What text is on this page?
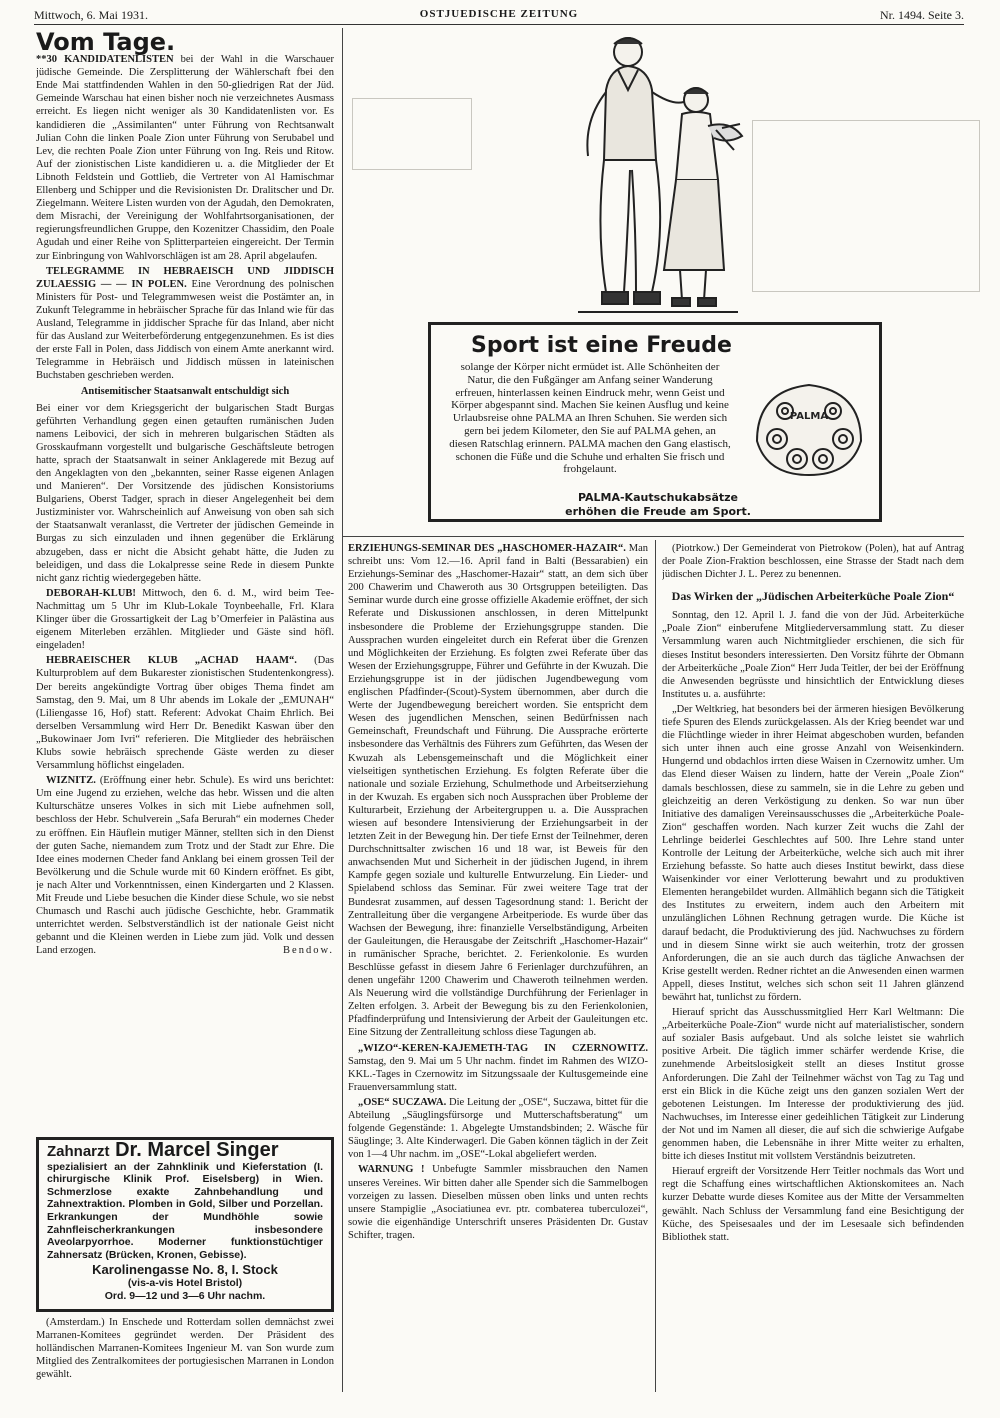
Mittwoch, 6. Mai 1931.	OSTJUEDISCHE ZEITUNG	Nr. 1494. Seite 3.
Vom Tage.

**30 KANDIDATENLISTEN bei der Wahl in die Warschauer jüdische Gemeinde. Die Zersplitterung der Wählerschaft fbei den Ende Mai stattfindenden Wahlen in den 50-gliedrigen Rat der Jüd. Gemeinde Warschau hat einen bisher noch nie verzeichnetes Ausmass erreicht. Es liegen nicht weniger als 30 Kandidatenlisten vor. Es kandidieren die „Assimilanten“ unter Führung von Rechtsanwalt Julian Cohn die linken Poale Zion unter Führung von Serubabel und Lev, die rechten Poale Zion unter Führung von Ing. Reis und Ritow. Auf der zionistischen Liste kandidieren u. a. die Mitglieder der Et Libnoth Feldstein und Gottlieb, die Vertreter von Al Hamischmar Ellenberg und Schipper und die Revisionisten Dr. Dralitscher und Dr. Ziegelmann. Weitere Listen wurden von der Agudah, den Demokraten, dem Misrachi, der Vereinigung der Wohlfahrtsorganisationen, der regierungsfreundlichen Gruppe, den Kozenitzer Chassidim, den Poale Agudah und einer Reihe von Splitterparteien eingereicht. Der Termin zur Einbringung von Wahlvorschlägen ist am 28. April abgelaufen.

TELEGRAMME IN HEBRAEISCH UND JIDDISCH ZULAESSIG — — IN POLEN. Eine Verordnung des polnischen Ministers für Post- und Telegrammwesen weist die Postämter an, in Zukunft Telegramme in hebräischer Sprache für das Inland wie für das Ausland, Telegramme in jiddischer Sprache für das Inland, aber nicht für das Ausland zur Weiterbeförderung entgegenzunehmen. Es ist dies der erste Fall in Polen, dass Jiddisch von einem Amte anerkannt wird. Telegramme in Hebräisch und Jiddisch müssen in lateinischen Buchstaben geschrieben werden.

Antisemitischer Staatsanwalt entschuldigt sich

Bei einer vor dem Kriegsgericht der bulgarischen Stadt Burgas geführten Verhandlung gegen einen getauften rumänischen Juden namens Leibovici, der sich in mehreren bulgarischen Städten als Grosskaufmann vorgestellt und bulgarische Geschäftsleute betrogen hatte, sprach der Staatsanwalt in seiner Anklagerede mit Bezug auf den Angeklagten von den „bekannten, seiner Rasse eigenen Anlagen und Manieren“. Der Vorsitzende des jüdischen Konsistoriums Bulgariens, Oberst Tadger, sprach in dieser Angelegenheit bei dem Justizminister vor. Wahrscheinlich auf Anweisung von oben sah sich der Staatsanwalt veranlasst, die Vertreter der jüdischen Gemeinde in Burgas zu sich einzuladen und ihnen gegenüber die Erklärung abzugeben, dass er nicht die Absicht gehabt hätte, die Juden zu beleidigen, und dass die Lokalpresse seine Rede in diesem Punkte nicht ganz richtig wiedergegeben hätte.

DEBORAH-KLUB! Mittwoch, den 6. d. M., wird beim Tee-Nachmittag um 5 Uhr im Klub-Lokale Toynbeehalle, Frl. Klara Klinger über die Grossartigkeit der Lag b’Omerfeier in Palästina aus eigenem Miterleben erzählen. Mitglieder und Gäste sind höfl. eingeladen!

HEBRAEISCHER KLUB „ACHAD HAAM“. (Das Kulturproblem auf dem Bukarester zionistischen Studentenkongress). Der bereits angekündigte Vortrag über obiges Thema findet am Samstag, den 9. Mai, um 8 Uhr abends im Lokale der „EMUNAH“ (Liliengasse 16, Hof) statt. Referent: Advokat Chaim Ehrlich. Bei derselben Versammlung wird Herr Dr. Benedikt Kaswan über den „Bukowinaer Jom Ivri“ referieren. Die Mitglieder des hebräischen Klubs sowie hebräisch sprechende Gäste werden zu dieser Versammlung höflichst eingeladen.

WIZNITZ. (Eröffnung einer hebr. Schule). Es wird uns berichtet: Um eine Jugend zu erziehen, welche das hebr. Wissen und die alten Kulturschätze unseres Volkes in sich mit Liebe aufnehmen soll, beschloss der Hebr. Schulverein „Safa Berurah“ ein modernes Cheder zu eröffnen. Ein Häuflein mutiger Männer, stellten sich in den Dienst der guten Sache, niemandem zum Trotz und der Stadt zur Ehre. Die Idee eines modernen Cheder fand Anklang bei einem grossen Teil der Bevölkerung und die Schule wurde mit 60 Kindern eröffnet. Es gibt, je nach Alter und Vorkenntnissen, einen Kindergarten und 2 Klassen. Mit Freude und Liebe besuchen die Kinder diese Schule, wo sie nebst Chumasch und Raschi auch jüdische Geschichte, hebr. Grammatik unterrichtet werden. Selbstverständlich ist der nationale Geist nicht gebannt und die Kleinen werden in Liebe zum jüd. Volk und dessen Land erzogen.	Bendow.

Zahnarzt Dr. Marcel Singer
spezialisiert an der Zahnklinik und Kieferstation (I. chirurgische Klinik Prof. Eiselsberg) in Wien. Schmerzlose exakte Zahnbehandlung und Zahnextraktion. Plomben in Gold, Silber und Porzellan. Erkrankungen der Mundhöhle sowie Zahnfleischerkrankungen insbesondere Aveolarpyorrhoe. Moderner funktionstüchtiger Zahnersatz (Brücken, Kronen, Gebisse).
Karolinengasse No. 8, I. Stock
(vis-a-vis Hotel Bristol)
Ord. 9—12 und 3—6 Uhr nachm.

(Amsterdam.) In Enschede und Rotterdam sollen demnächst zwei Marranen-Komitees gegründet werden. Der Präsident des holländischen Marranen-Komitees Ingenieur M. van Son wurde zum Mitglied des Zentralkomitees der portugiesischen Marranen in London gewählt.

Sport ist eine Freude
solange der Körper nicht ermüdet ist. Alle Schönheiten der Natur, die den Fußgänger am Anfang seiner Wanderung erfreuen, hinterlassen keinen Eindruck mehr, wenn Geist und Körper abgespannt sind. Machen Sie keinen Ausflug und keine Urlaubsreise ohne PALMA an Ihren Schuhen. Sie werden sich gern bei jedem Kilometer, den Sie auf PALMA gehen, an diesen Ratschlag erinnern. PALMA machen den Gang elastisch, schonen die Füße und die Schuhe und erhalten Sie frisch und frohgelaunt.
PALMA
PALMA-Kautschukabsätze
erhöhen die Freude am Sport.

ERZIEHUNGS-SEMINAR DES „HASCHOMER-HAZAIR“. Man schreibt uns: Vom 12.—16. April fand in Balti (Bessarabien) ein Erziehungs-Seminar des „Haschomer-Hazair“ statt, an dem sich über 200 Chawerim und Chaweroth aus 30 Ortsgruppen beteiligten. Das Seminar wurde durch eine grosse offizielle Akademie eröffnet, der sich Referate und Diskussionen anschlossen, in deren Mittelpunkt insbesondere die Probleme der Erziehungsgruppe standen. Die Aussprachen wurden eingeleitet durch ein Referat über die Grenzen und Möglichkeiten der Erziehung. Es folgten zwei Referate über das Wesen der Erziehungsgruppe, Führer und Geführte in der Kwuzah. Die Erziehungsgruppe ist in der jüdischen Jugendbewegung vom englischen Pfadfinder-(Scout)-System übernommen, aber durch die Werte der Jugendbewegung bereichert worden. Sie entspricht dem Wesen des jugendlichen Menschen, seinen Bedürfnissen nach Gemeinschaft, Freundschaft und Führung. Die Aussprache erörterte insbesondere das Verhältnis des Führers zum Geführten, das Wesen der Kwuzah als Lebensgemeinschaft und die Möglichkeit einer vielseitigen synthetischen Erziehung. Es folgten Referate über die nationale und soziale Erziehung, Schulmethode und Arbeitserziehung in der Kwuzah. Es ergaben sich noch Aussprachen über Probleme der Kulturarbeit, Erziehung der Arbeitergruppen u. a. Die Aussprachen wiesen auf besondere Intensivierung der Erziehungsarbeit in der letzten Zeit in der Bewegung hin. Der tiefe Ernst der Teilnehmer, deren Durchschnittsalter zwischen 16 und 18 war, ist Beweis für den anwachsenden Mut und Sicherheit in der jüdischen Jugend, in ihrem Kampfe gegen soziale und kulturelle Entwurzelung. Ein Lieder- und Spielabend schloss das Seminar. Für zwei weitere Tage trat der Bundesrat zusammen, auf dessen Tagesordnung stand: 1. Bericht der Zentralleitung über die vergangene Arbeitperiode. Es wurde über das Wachsen der Bewegung, ihre: finanzielle Verselbständigung, Arbeiten der Gauleitungen, die Herausgabe der Zeitschrift „Haschomer-Hazair“ in rumänischer Sprache, berichtet. 2. Ferienkolonie. Es wurden Beschlüsse gefasst in diesem Jahre 6 Ferienlager durchzuführen, an denen ungefähr 1200 Chawerim und Chaweroth teilnehmen werden. Als Neuerung wird die vollständige Durchführung der Ferienlager in Zelten erfolgen. 3. Arbeit der Bewegung bis zu den Ferienkolonien, Pfadfinderprüfung und Intensivierung der Arbeit der Gauleitungen etc. Eine Sitzung der Zentralleitung schloss diese Tagungen ab.

„WIZO“-KEREN-KAJEMETH-TAG IN CZERNOWITZ. Samstag, den 9. Mai um 5 Uhr nachm. findet im Rahmen des WIZO-KKL.-Tages in Czernowitz im Sitzungssaale der Kultusgemeinde eine Frauenversammlung statt.

„OSE“ SUCZAWA. Die Leitung der „OSE“, Suczawa, bittet für die Abteilung „Säuglingsfürsorge und Mutterschaftsberatung“ um folgende Gegenstände: 1. Abgelegte Umstandsbinden; 2. Wäsche für Säuglinge; 3. Alte Kinderwagerl. Die Gaben können täglich in der Zeit von 1—4 Uhr nachm. im „OSE“-Lokal abgeliefert werden.

WARNUNG ! Unbefugte Sammler missbrauchen den Namen unseres Vereines. Wir bitten daher alle Spender sich die Sammelbogen vorzeigen zu lassen. Dieselben müssen oben links und unten rechts unsere Stampiglie „Asociatiunea evr. ptr. combaterea tuberculozei“, sowie die eigenhändige Unterschrift unseres Präsidenten Dr. Gustav Schifter, tragen.

(Piotrkow.) Der Gemeinderat von Pietrokow (Polen), hat auf Antrag der Poale Zion-Fraktion beschlossen, eine Strasse der Stadt nach dem jüdischen Dichter J. L. Perez zu benennen.

Das Wirken der „Jüdischen Arbeiterküche Poale Zion“

Sonntag, den 12. April l. J. fand die von der Jüd. Arbeiterküche „Poale Zion“ einberufene Mitgliederversammlung statt. Zu dieser Versammlung waren auch Nichtmitglieder erschienen, die sich für dieses Institut besonders interessierten. Den Vorsitz führte der Obmann der Arbeiterküche „Poale Zion“ Herr Juda Teitler, der bei der Eröffnung die Anwesenden begrüsste und hinsichtlich der Entwicklung dieses Institutes u. a. ausführte:

„Der Weltkrieg, hat besonders bei der ärmeren hiesigen Bevölkerung tiefe Spuren des Elends zurückgelassen. Als der Krieg beendet war und die Flüchtlinge wieder in ihrer Heimat abgeschoben wurden, befanden sich unter ihnen auch eine grosse Anzahl von Weisenkindern. Hungernd und obdachlos irrten diese Waisen in Czernowitz umher. Um das Elend dieser Waisen zu lindern, hatte der Verein „Poale Zion“ damals beschlossen, diese zu sammeln, sie in die Lehre zu geben und gleichzeitig an deren Verköstigung zu denken. So war nun über Initiative des damaligen Vereinsausschusses die „Arbeiterküche Poale-Zion“ geschaffen worden. Nach kurzer Zeit wuchs die Zahl der Lehrlinge beiderlei Geschlechtes auf 500. Ihre Lehre stand unter Kontrolle der Leitung der Arbeiterküche, welche sich auch mit ihrer Erziehung befasste. So hatte auch dieses Institut bewirkt, dass diese Waisenkinder vor einer Verlotterung bewahrt und zu produktiven Elementen herangebildet wurden. Allmählich begann sich die Tätigkeit des Institutes zu erweitern, indem auch den Arbeitern mit unzulänglichen Löhnen Rechnung getragen wurde. Die Küche ist darauf bedacht, die Produktivierung des jüd. Nachwuchses zu fördern und in diesem Sinne wirkt sie auch weiterhin, trotz der grossen Anforderungen, die an sie auch durch das tägliche Anwachsen der Krise gestellt werden. Redner richtet an die Anwesenden einen warmen Appell, dieses Institut, welches sich schon seit 11 Jahren glänzend bewährt hat, tunlichst zu fördern.

Hierauf spricht das Ausschussmitglied Herr Karl Weltmann: Die „Arbeiterküche Poale-Zion“ wurde nicht auf materialistischer, sondern auf sozialer Basis aufgebaut. Und als solche leistet sie wahrlich positive Arbeit. Die täglich immer schärfer werdende Krise, die zunehmende Arbeitslosigkeit stellt an dieses Institut grosse Anforderungen. Die Zahl der Teilnehmer wächst von Tag zu Tag und erst ein Blick in die Küche zeigt uns den ganzen sozialen Wert der gebotenen Leistungen. Im Interesse der produktivierung des jüd. Nachwuchses, im Interesse einer gedeihlichen Tätigkeit zur Linderung der Not und im Namen all dieser, die auf sich die schwierige Aufgabe genommen haben, die Lebensnähe in ihrer Mitte weiter zu erhalten, bitte ich dieses Institut mit vollstem Verständnis beizutreten.

Hierauf ergreift der Vorsitzende Herr Teitler nochmals das Wort und regt die Schaffung eines wirtschaftlichen Aktionskomitees an. Nach kurzer Debatte wurde dieses Komitee aus der Mitte der Versammelten gewählt. Nach Schluss der Versammlung fand eine Besichtigung der Küche, des Speisesaales und der im Lesesaale sich befindenden Bibliothek statt.
